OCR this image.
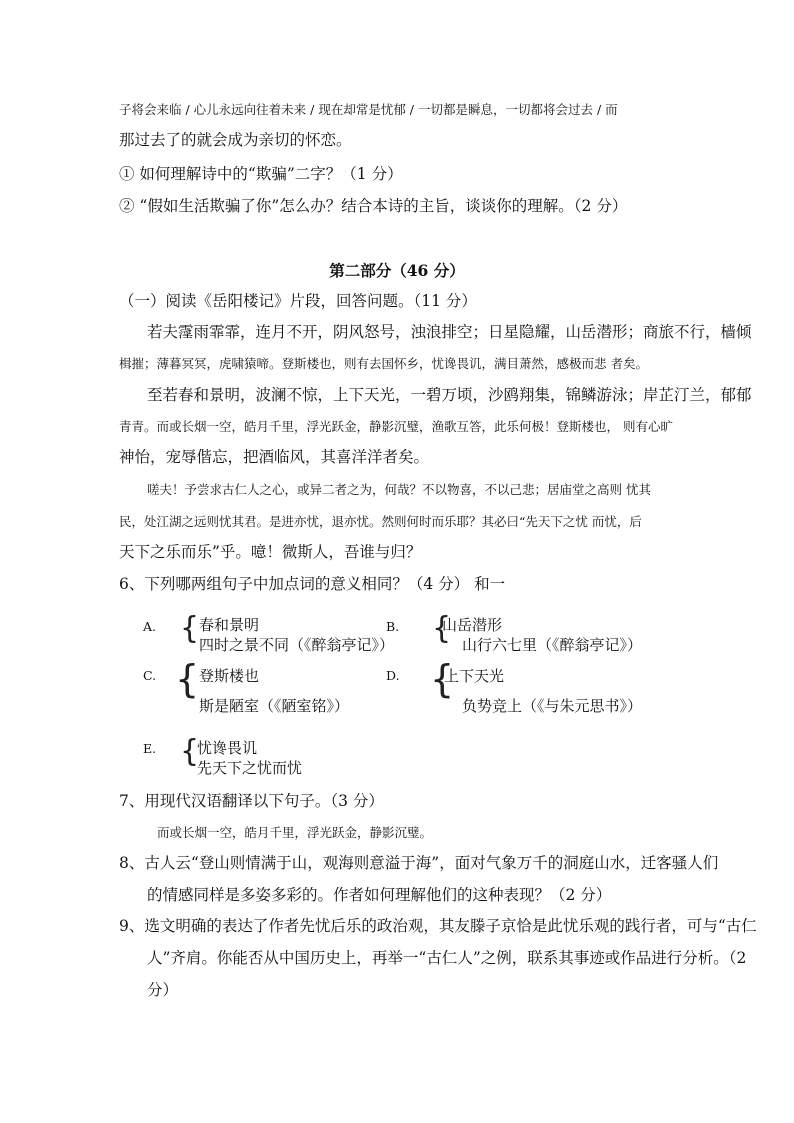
子将会来临 / 心儿永远向往着未来 / 现在却常是忧郁 / 一切都是瞬息，一切都将会过去 / 而
那过去了的就会成为亲切的怀恋。
① 如何理解诗中的“欺骗”二字？（1 分）
② “假如生活欺骗了你”怎么办？结合本诗的主旨，谈谈你的理解。（2 分）
第二部分（46 分）
（一）阅读《岳阳楼记》片段，回答问题。（11 分）
若夫霪雨霏霏，连月不开，阴风怒号，浊浪排空；日星隐耀，山岳潜形；商旅不行，樯倾
楫摧；薄暮冥冥，虎啸猿啼。登斯楼也，则有去国怀乡，忧谗畏讥，满目萧然，感极而悲 者矣。
至若春和景明，波澜不惊，上下天光，一碧万顷，沙鸥翔集，锦鳞游泳；岸芷汀兰，郁郁
青青。而或长烟一空，皓月千里，浮光跃金，静影沉璧，渔歌互答，此乐何极！登斯楼也， 则有心旷
神怡，宠辱偕忘，把酒临风，其喜洋洋者矣。
嗟夫！予尝求古仁人之心，或异二者之为，何哉？不以物喜，不以己悲；居庙堂之高则 忧其
民，处江湖之远则忧其君。是进亦忧，退亦忧。然则何时而乐耶？其必曰“先天下之忧 而忧，后
天下之乐而乐”乎。噫！微斯人，吾谁与归？
6、下列哪两组句子中加点词的意义相同？（4 分） 和一
A. { 春和景明
四时之景不同（《醉翁亭记》）
B. {
山岳潜形
山行六七里（《醉翁亭记》）
C. { 登斯楼也
斯是陋室（《陋室铭》）
D. {
上下天光
负势竞上（《与朱元思书》）
E. {
忧谗畏讥
先天下之忧而忧
7、用现代汉语翻译以下句子。（3 分）
而或长烟一空，皓月千里，浮光跃金，静影沉璧。
8、古人云“登山则情满于山，观海则意溢于海”，面对气象万千的洞庭山水，迁客骚人们
的情感同样是多姿多彩的。作者如何理解他们的这种表现？（2 分）
9、选文明确的表达了作者先忧后乐的政治观，其友滕子京恰是此忧乐观的践行者，可与“古仁
人”齐肩。你能否从中国历史上，再举一“古仁人”之例，联系其事迹或作品进行分析。（2
分）
